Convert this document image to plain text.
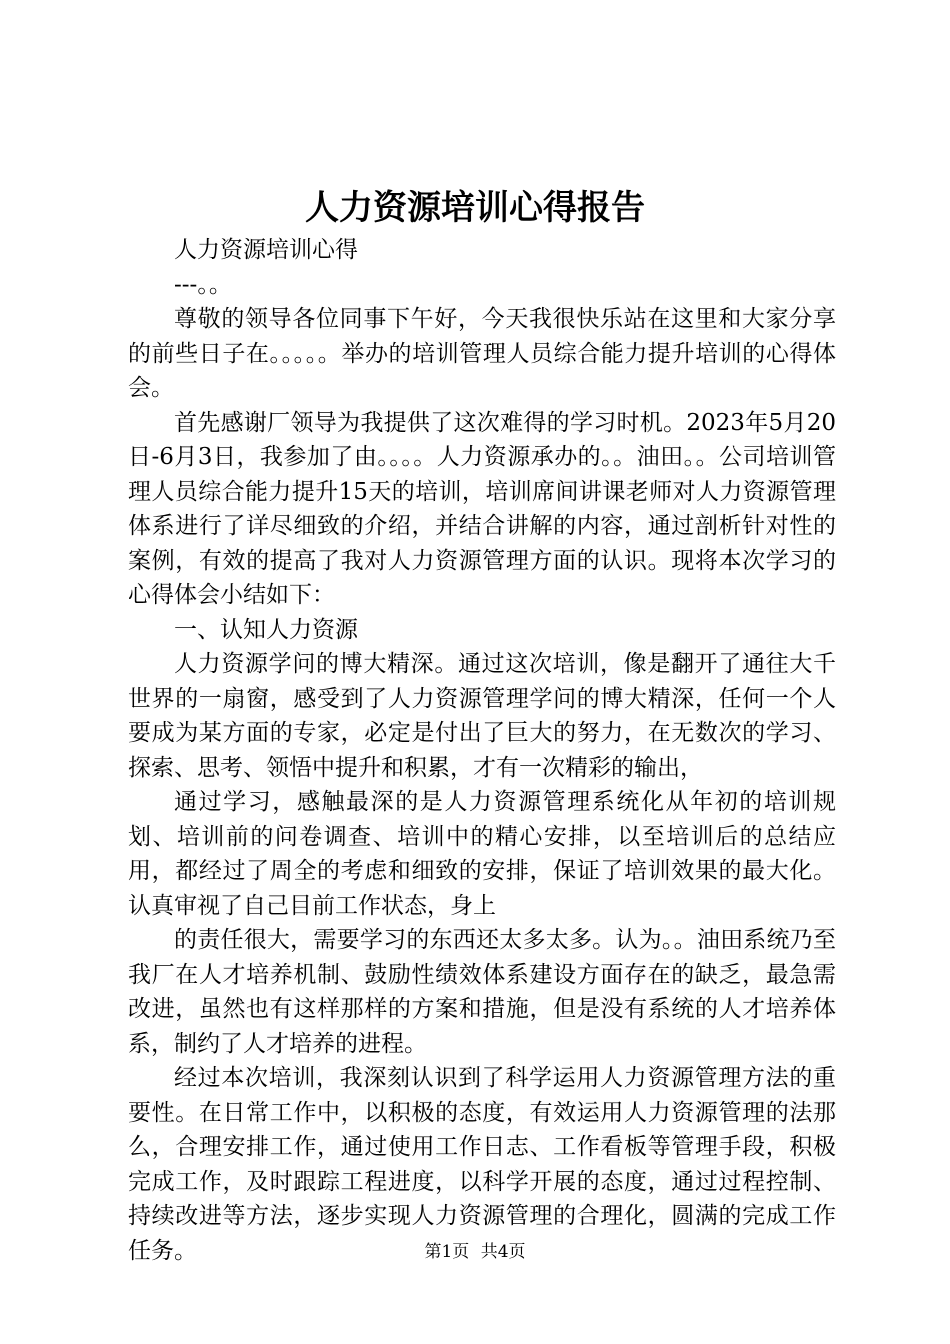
人力资源培训心得报告

人力资源培训心得

---。。

尊敬的领导各位同事下午好，今天我很快乐站在这里和大家分享的前些日子在。。。。。举办的培训管理人员综合能力提升培训的心得体会。

首先感谢厂领导为我提供了这次难得的学习时机。2023年5月20日-6月3日，我参加了由。。。。人力资源承办的。。油田。。公司培训管理人员综合能力提升15天的培训，培训席间讲课老师对人力资源管理体系进行了详尽细致的介绍，并结合讲解的内容，通过剖析针对性的案例，有效的提高了我对人力资源管理方面的认识。现将本次学习的心得体会小结如下：

一、认知人力资源

人力资源学问的博大精深。通过这次培训，像是翻开了通往大千世界的一扇窗，感受到了人力资源管理学问的博大精深，任何一个人要成为某方面的专家，必定是付出了巨大的努力，在无数次的学习、探索、思考、领悟中提升和积累，才有一次精彩的输出，

通过学习，感触最深的是人力资源管理系统化从年初的培训规划、培训前的问卷调查、培训中的精心安排，以至培训后的总结应用，都经过了周全的考虑和细致的安排，保证了培训效果的最大化。认真审视了自己目前工作状态，身上

的责任很大，需要学习的东西还太多太多。认为。。油田系统乃至我厂在人才培养机制、鼓励性绩效体系建设方面存在的缺乏，最急需改进，虽然也有这样那样的方案和措施，但是没有系统的人才培养体系，制约了人才培养的进程。

经过本次培训，我深刻认识到了科学运用人力资源管理方法的重要性。在日常工作中，以积极的态度，有效运用人力资源管理的法那么，合理安排工作，通过使用工作日志、工作看板等管理手段，积极完成工作，及时跟踪工程进度，以科学开展的态度，通过过程控制、持续改进等方法，逐步实现人力资源管理的合理化，圆满的完成工作任务。	第1页 共4页
